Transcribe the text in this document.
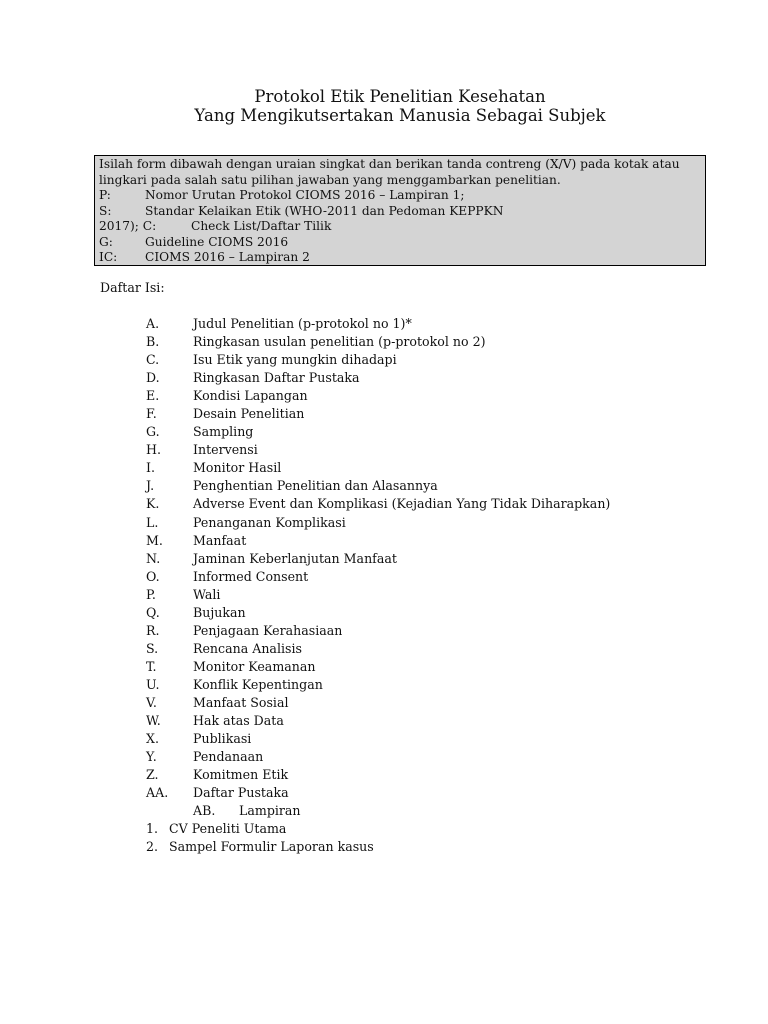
Protokol Etik Penelitian Kesehatan
Yang Mengikutsertakan Manusia Sebagai Subjek
Isilah form dibawah dengan uraian singkat dan berikan tanda contreng (X/V) pada kotak atau
lingkari pada salah satu pilihan jawaban yang menggambarkan penelitian.
P:	Nomor Urutan Protokol CIOMS 2016 – Lampiran 1;
S:	Standar Kelaikan Etik (WHO-2011 dan Pedoman KEPPKN
2017); C:	Check List/Daftar Tilik
G:	Guideline CIOMS 2016
IC: CIOMS 2016 – Lampiran 2
Daftar Isi:
A.	Judul Penelitian (p-protokol no 1)*
B.	Ringkasan usulan penelitian (p-protokol no 2)
C.	Isu Etik yang mungkin dihadapi
D.	Ringkasan Daftar Pustaka
E.	Kondisi Lapangan
F.	Desain Penelitian
G.	Sampling
H.	Intervensi
I.	Monitor Hasil
J.	Penghentian Penelitian dan Alasannya
K.	Adverse Event dan Komplikasi (Kejadian Yang Tidak Diharapkan)
L.	Penanganan Komplikasi
M. Manfaat
N.	Jaminan Keberlanjutan Manfaat
O.	Informed Consent
P.	Wali
Q.	Bujukan
R.	Penjagaan Kerahasiaan
S.	Rencana Analisis
T.	Monitor Keamanan
U.	Konflik Kepentingan
V.	Manfaat Sosial
W.	Hak atas Data
X.	Publikasi
Y.	Pendanaan
Z.	Komitmen Etik
AA. Daftar Pustaka
AB. Lampiran
1. CV Peneliti Utama
2. Sampel Formulir Laporan kasus
